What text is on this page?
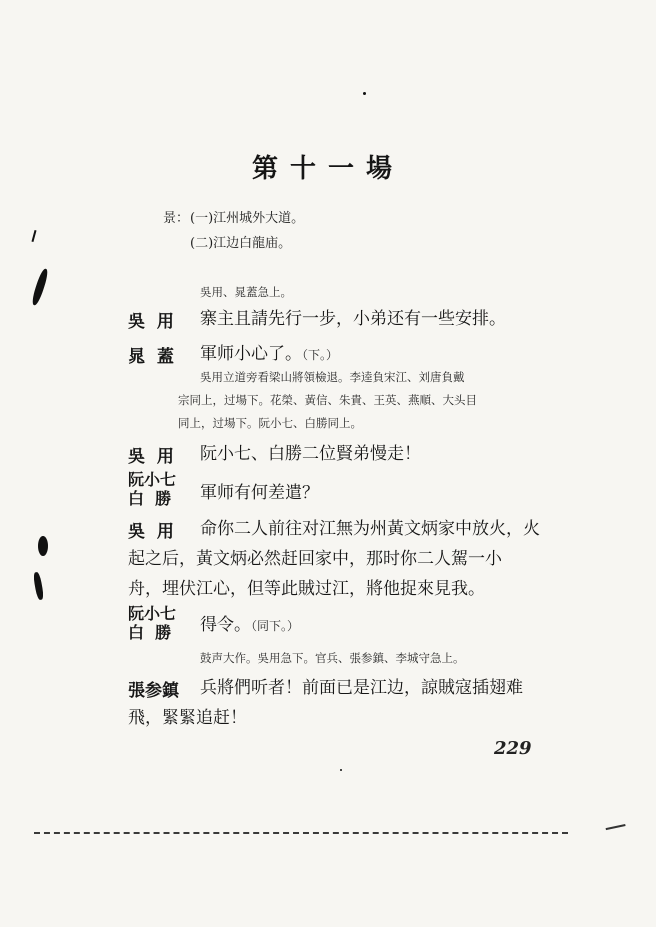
第十一場
景： (一)江州城外大道。
(二)江边白龍庙。
吳用、晁蓋急上。
吳  用 寨主且請先行一步，小弟还有一些安排。
晁  蓋 軍师小心了。（下。）
吳用立道旁看梁山將領檢退。李逵負宋江、刘唐負戴
宗同上，过場下。花榮、黃信、朱貴、王英、燕順、大头目
同上，过場下。阮小七、白勝同上。
吳  用 阮小七、白勝二位賢弟慢走！
阮小七
白  勝 軍师有何差遣？
吳  用 命你二人前往对江無为州黃文炳家中放火，火
起之后，黃文炳必然赶回家中，那时你二人駕一小
舟，埋伏江心，但等此賊过江，將他捉來見我。
阮小七
白  勝 得令。（同下。）
鼓声大作。吳用急下。官兵、張参鎮、李城守急上。
張参鎮 兵將們听者！前面已是江边，諒賊寇插翅难
飛，緊緊追赶！
229
